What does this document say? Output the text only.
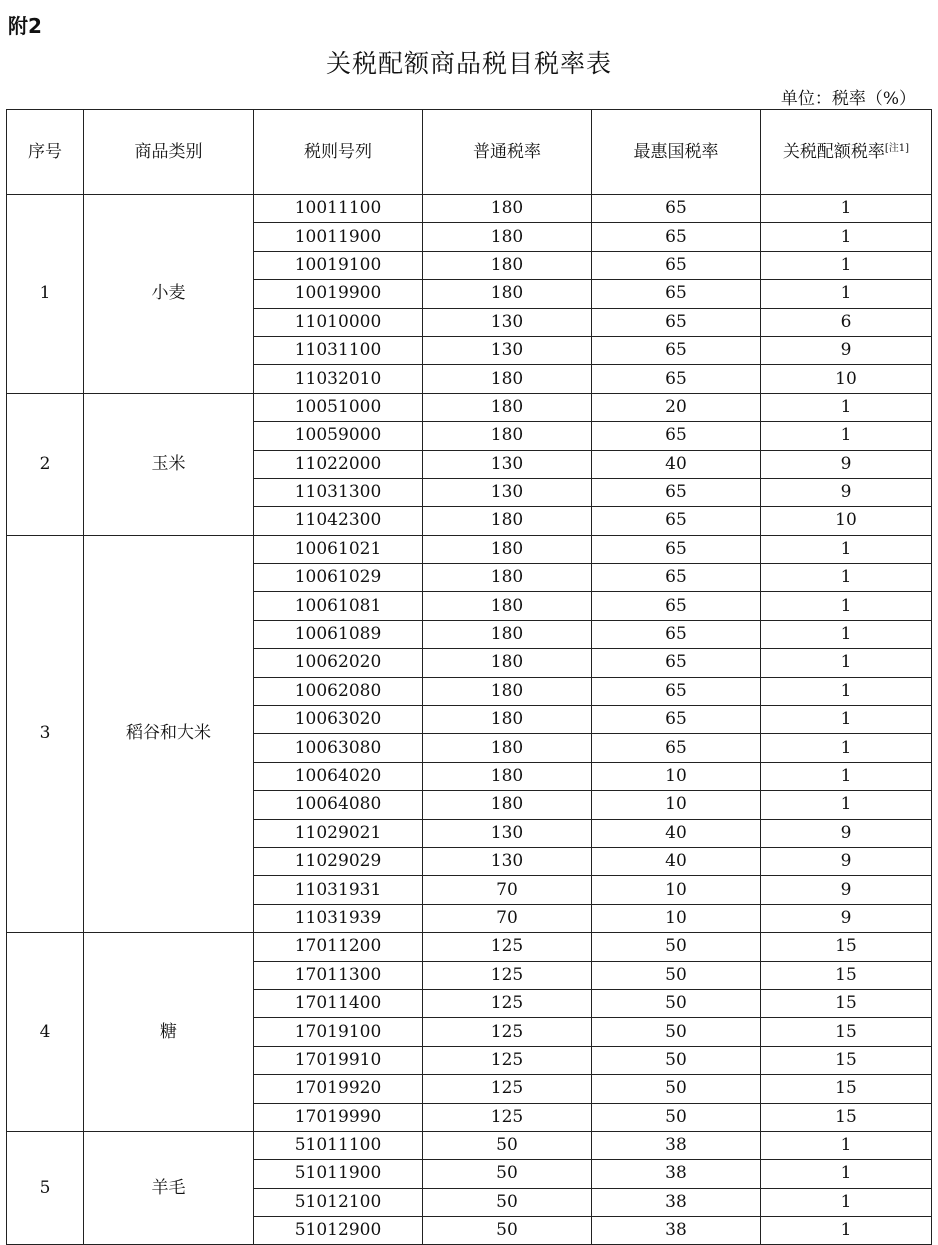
附2
关税配额商品税目税率表
单位：税率（%）
序号	商品类别	税则号列	普通税率	最惠国税率	关税配额税率[注1]
1	小麦	10011100	180	65	1
		10011900	180	65	1
		10019100	180	65	1
		10019900	180	65	1
		11010000	130	65	6
		11031100	130	65	9
		11032010	180	65	10
2	玉米	10051000	180	20	1
		10059000	180	65	1
		11022000	130	40	9
		11031300	130	65	9
		11042300	180	65	10
3	稻谷和大米	10061021	180	65	1
		10061029	180	65	1
		10061081	180	65	1
		10061089	180	65	1
		10062020	180	65	1
		10062080	180	65	1
		10063020	180	65	1
		10063080	180	65	1
		10064020	180	10	1
		10064080	180	10	1
		11029021	130	40	9
		11029029	130	40	9
		11031931	70	10	9
		11031939	70	10	9
4	糖	17011200	125	50	15
		17011300	125	50	15
		17011400	125	50	15
		17019100	125	50	15
		17019910	125	50	15
		17019920	125	50	15
		17019990	125	50	15
5	羊毛	51011100	50	38	1
		51011900	50	38	1
		51012100	50	38	1
		51012900	50	38	1
